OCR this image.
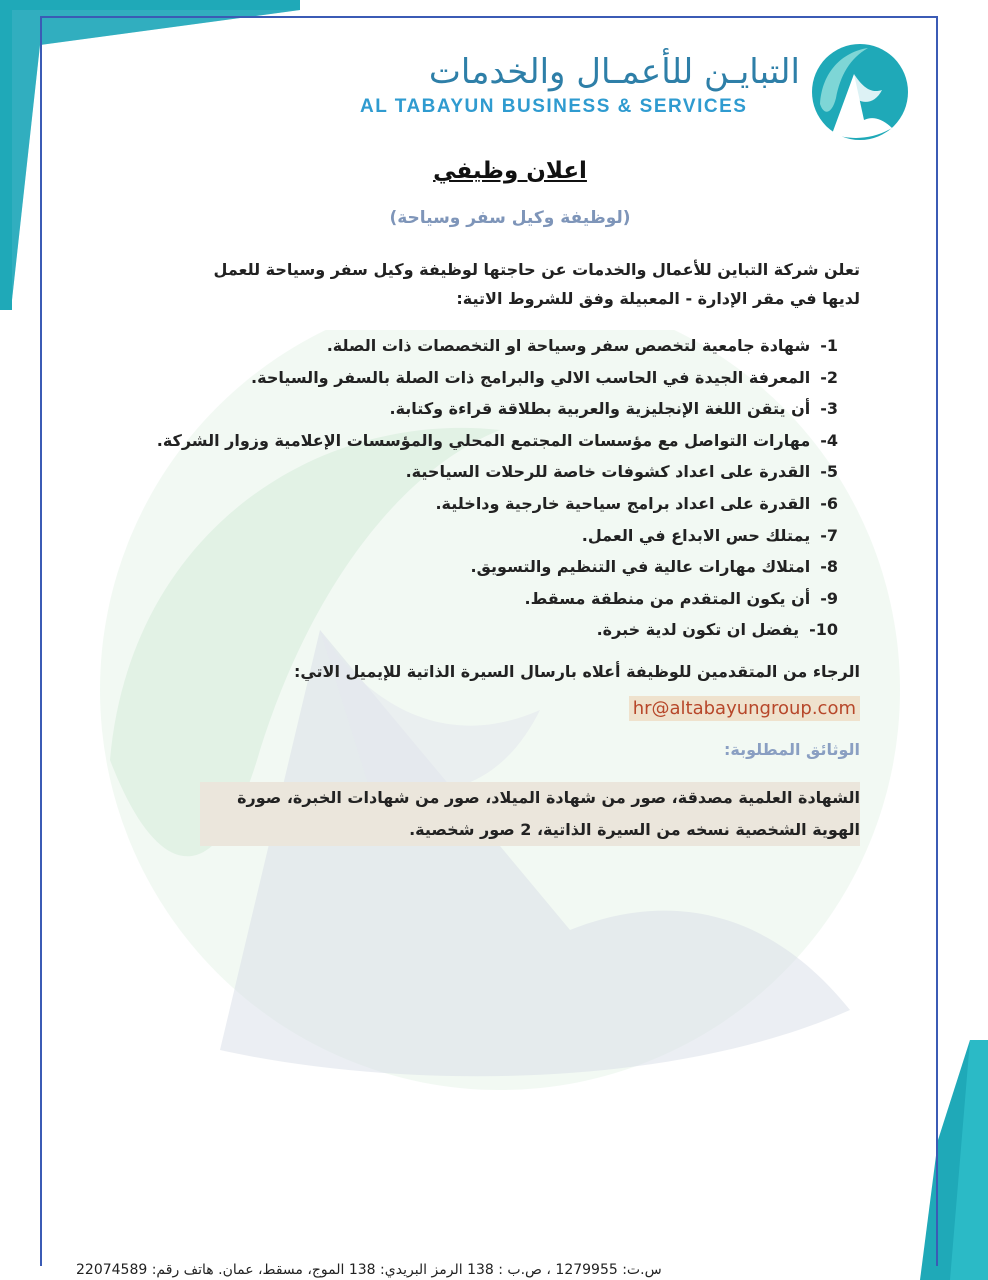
التبايـن للأعمـال والخدمات
AL TABAYUN BUSINESS & SERVICES
اعلان وظيفي
(لوظيفة وكيل سفر وسياحة)
تعلن شركة التباين للأعمال والخدمات عن حاجتها لوظيفة وكيل سفر وسياحة للعمل لديها في مقر الإدارة - المعبيلة وفق للشروط الاتية:
1-شهادة جامعية لتخصص سفر وسياحة او التخصصات ذات الصلة.
2-المعرفة الجيدة في الحاسب الالي والبرامج ذات الصلة بالسفر والسياحة.
3-أن يتقن اللغة الإنجليزية والعربية بطلاقة قراءة وكتابة.
4-مهارات التواصل مع مؤسسات المجتمع المحلي والمؤسسات الإعلامية وزوار الشركة.
5-القدرة على اعداد كشوفات خاصة للرحلات السياحية.
6-القدرة على اعداد برامج سياحية خارجية وداخلية.
7-يمتلك حس الابداع في العمل.
8-امتلاك مهارات عالية في التنظيم والتسويق.
9-أن يكون المتقدم من منطقة مسقط.
10-يفضل ان تكون لدية خبرة.
الرجاء من المتقدمين للوظيفة أعلاه بارسال السيرة الذاتية للإيميل الاتي:
hr@altabayungroup.com
الوثائق المطلوبة:
الشهادة العلمية مصدقة، صور من شهادة الميلاد، صور من شهادات الخبرة، صورة الهوية الشخصية نسخه من السيرة الذاتية، 2 صور شخصية.
س.ت: 1279955 ، ص.ب : 138 الرمز البريدي: 138 الموج، مسقط، عمان. هاتف رقم: 22074589
